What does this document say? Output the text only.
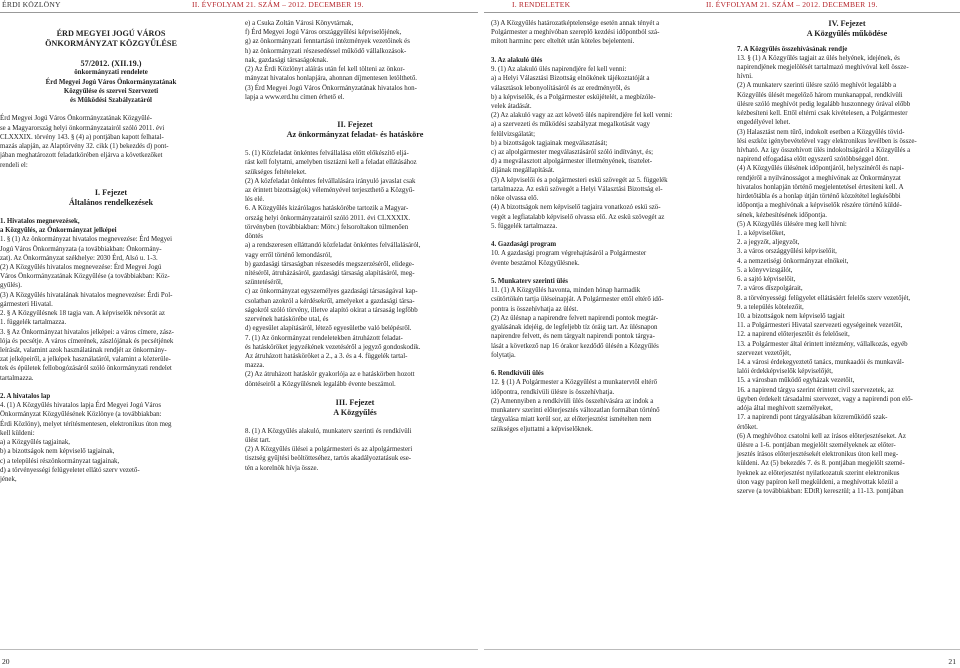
ÉRDI KÖZLÖNY	II. ÉVFOLYAM 21. SZÁM – 2012. DECEMBER 19.	I. RENDELETEK	II. ÉVFOLYAM 21. SZÁM – 2012. DECEMBER 19.

ÉRD MEGYEI JOGÚ VÁROS

ÖNKORMÁNYZAT KÖZGYŰLÉSE

57/2012. (XII.19.)

önkormányzati rendelete

Érd Megyei Jogú Város Önkormányzatának

Közgyűlése és szervei Szervezeti

és Működési Szabályzatáról

Érd Megyei Jogú Város Önkormányzatának Közgyűlé-

se a Magyarország helyi önkormányzatairól szóló 2011. évi

CLXXXIX. törvény 143. § (4) a) pontjában kapott felhatal-

mazás alapján, az Alaptörvény 32. cikk (1) bekezdés d) pont-

jában meghatározott feladatkörében eljárva a következőket

rendeli el:

I. Fejezet

Általános rendelkezések

1. Hivatalos megnevezések,

a Közgyűlés, az Önkormányzat jelképei

1. § (1) Az önkormányzat hivatalos megnevezése: Érd Megyei

Jogú Város Önkormányzata (a továbbiakban: Önkormány-

zat). Az Önkormányzat székhelye: 2030 Érd, Alsó u. 1-3.

(2) A Közgyűlés hivatalos megnevezése: Érd Megyei Jogú

Város Önkormányzatának Közgyűlése (a továbbiakban: Köz-

gyűlés).

(3) A Közgyűlés hivatalának hivatalos megnevezése: Érdi Pol-

gármesteri Hivatal.

2. § A Közgyűlésnek 18 tagja van. A képviselők névsorát az

1. függelék tartalmazza.

3. § Az Önkormányzat hivatalos jelképei: a város címere, zász-

lója és pecsétje. A város címerének, zászlójának és pecsétjének

leírását, valamint azok használatának rendjét az önkormány-

zat jelképeiről, a jelképek használatáról, valamint a közterüle-

tek és épületek fellobogózásáról szóló önkormányzati rendelet

tartalmazza.

2. A hivatalos lap

4. (1) A Közgyűlés hivatalos lapja Érd Megyei Jogú Város

Önkormányzat Közgyűlésének Közlönye (a továbbiakban:

Érdi Közlöny), melyet térítésmentesen, elektronikus úton meg

kell küldeni:

a) a Közgyűlés tagjainak,

b) a bizottságok nem képviselő tagjainak,

c) a települési részönkormányzat tagjainak,

d) a törvényességi felügyeletet ellátó szerv vezető-

jének,

e) a Csuka Zoltán Városi Könyvtárnak,

f) Érd Megyei Jogú Város országgyűlési képviselőjének,

g) az önkormányzati fenntartású intézmények vezetőinek és

h) az önkormányzati részesedéssel működő vállalkozások-

nak, gazdasági társaságoknak.

(2) Az Érdi Közlönyt aláírás után fel kell tölteni az önkor-

mányzat hivatalos honlapjára, ahonnan díjmentesen letölthető.

(3) Érd Megyei Jogú Város Önkormányzatának hivatalos hon-

lapja a www.erd.hu címen érhető el.

II. Fejezet

Az önkormányzat feladat- és hatásköre

5. (1) Közfeladat önkéntes felvállalása előtt előkészítő eljá-

rást kell folytatni, amelyben tisztázni kell a feladat ellátásához

szükséges feltételeket.

(2) A közfeladat önkéntes felvállalására irányuló javaslat csak

az érintett bizottság(ok) véleményével terjeszthető a Közgyű-

lés elé.

6. A Közgyűlés kizárólagos hatáskörébe tartozik a Magyar-

ország helyi önkormányzatairól szóló 2011. évi CLXXXIX.

törvényben (továbbiakban: Mötv.) felsoroltakon túlmenően

döntés

a) a rendszeresen elláttandó közfeladat önkéntes felvállalásáról,

vagy erről történő lemondásról,

b) gazdasági társaságban részesedés megszerzéséről, elidege-

nítéséről, átruházásáról, gazdasági társaság alapításáról, meg-

szüntetéséről,

c) az önkormányzat egyszemélyes gazdasági társaságával kap-

csolatban azokról a kérdésekről, amelyeket a gazdasági társa-

ságokról szóló törvény, illetve alapító okirat a társaság legfőbb

szervének hatáskörébe utal, és

d) egyesület alapításáról, létező egyesületbe való belépésről.

7. (1) Az önkormányzat rendeletekben átruházott feladat-

és hatásköröket jegyzékének vezetéséről a jegyző gondoskodik.

Az átruházott hatásköröket a 2., a 3. és a 4. függelék tartal-

mazza.

(2) Az átruházott hatáskör gyakorlója az e hatáskörben hozott

döntéseiről a Közgyűlésnek legalább évente beszámol.

III. Fejezet

A Közgyűlés

8. (1) A Közgyűlés alakuló, munkaterv szerinti és rendkívüli

ülést tart.

(2) A Közgyűlés ülései a polgármesteri és az alpolgármesteri

tisztség gyűjtési beöltötteséhez, tartós akadályoztatásuk ese-

tén a korelnök hívja össze.

(3) A Közgyűlés határozatképtelensége esetén annak tényét a

Polgármester a meghívóban szereplő kezdési időpontból szá-

mított harminc perc elteltét után köteles bejelenteni.

3. Az alakuló ülés

9. (1) Az alakuló ülés napirendjére fel kell venni:

a) a Helyi Választási Bizottság elnökének tájékoztatóját a

választások lebonyolításáról és az eredményről, és

b) a képviselők, és a Polgármester esküjételét, a megbízóle-

velek átadását.

(2) Az alakuló vagy az azt követő ülés napirendjére fel kell venni:

a) a szervezeti és működési szabályzat megalkotását vagy

felülvizsgálatát;

b) a bizottságok tagjainak megválasztását;

c) az alpolgármester megválasztásáról szóló indítványt, és;

d) a megválasztott alpolgármester illetményének, tisztelet-

díjának megállapítását.

(3) A képviselői és a polgármesteri eskü szövegét az 5. függelék

tartalmazza. Az eskü szövegét a Helyi Választási Bizottság el-

nöke olvassa elő.

(4) A bizottságok nem képviselő tagjaira vonatkozó eskü szö-

vegét a legfiatalabb képviselő olvassa elő. Az eskü szövegét az

5. függelék tartalmazza.

4. Gazdasági program

10. A gazdasági program végrehajtásáról a Polgármester

évente beszámol Közgyűlésnek.

5. Munkaterv szerinti ülés

11. (1) A Közgyűlés havonta, minden hónap harmadik

csütörtökén tartja üléseinapját. A Polgármester ettől eltérő idő-

pontra is összehívhatja az ülést.

(2) Az ülésnap a napirendre felvett napirendi pontok megtár-

gyalásának idejéig, de legfeljebb tíz óráig tart. Az ülésnapon

napirendre felvett, és nem tárgyalt napirendi pontok tárgya-

lását a következő nap 16 órakor kezdődő ülésén a Közgyűlés

folytatja.

6. Rendkívüli ülés

12. § (1) A Polgármester a Közgyűlést a munkatervtől eltérő

időpontra, rendkívüli ülésre is összehívhatja.

(2) Amennyiben a rendkívüli ülés összehívására az indok a

munkaterv szerinti előterjesztés változatlan formában történő

tárgyalása miatt kerül sor, az előterjesztést ismételten nem

szükséges eljuttatni a képviselőknek.

IV. Fejezet

A Közgyűlés működése

7. A Közgyűlés összehívásának rendje

13. § (1) A Közgyűlés tagjait az ülés helyének, idejének, és

napirendjének megjelölését tartalmazó meghívóval kell össze-

hívni.

(2) A munkaterv szerinti ülésre szóló meghívót legalább a

Közgyűlés ülését megelőző három munkanappal, rendkívüli

ülésre szóló meghívót pedig legalább huszonnegy órával előbb

kézbesíteni kell. Ettől eltérni csak kivételesen, a Polgármester

engedélyével lehet.

(3) Halasztást nem tűrő, indokolt esetben a Közgyűlés tövid-

lési eszköz igénybevételével vagy elektronikus levélben is össze-

hívható. Az így összehívott ülés indokoltságáról a Közgyűlés a

napirend elfogadása előtt egyszerű szótöbbséggel dönt.

(4) A Közgyűlés ülésének időpontjáról, helyszínéről és napi-

rendjéről a nyilvánosságot a meghívónak az Önkormányzat

hivatalos honlapján történő megjelentetésel értesíteni kell. A

hirdetőtábla és a honlap útján történő közzététel legkésőbbi

időpontja a meghívónak a képviselők részére történő küldé-

sének, kézbesítésének időpontja.

(5) A Közgyűlés ülésére meg kell hívni:

1. a képviselőket,

2. a jegyzőt, aljegyzőt,

3. a város országgyűlési képviselőit,

4. a nemzetiségi önkormányzat elnökeit,

5. a könyvvizsgálót,

6. a sajtó képviselőit,

7. a város díszpolgárait,

8. a törvényességi felügyelet ellátásáért felelős szerv vezetőjét,

9. a település kötelezőit,

10. a bizottságok nem képviselő tagjait

11. a Polgármesteri Hivatal szervezeti egységeinek vezetőit,

12. a napirend előterjesztőit és felelőseit,

13. a Polgármester által érintett intézmény, vállalkozás, egyéb

szervezet vezetőjét,

14. a városi érdekegyeztető tanács, munkaadói és munkavál-

lalói érdekképviselők képviselőjét,

15. a városban működő egyházak vezetőit,

16. a napirend tárgya szerint érintett civil szervezetek, az

ügyben érdekelt társadalmi szervezet, vagy a napirendi pon elő-

adója által meghívott személyeket,

17. a napirendi pont tárgyalásában közreműködő szak-

értőket.

(6) A meghívóhoz csatolni kell az írásos előterjesztéseket. Az

ülésre a 1-6. pontjában megjelölt személyeknek az előter-

jesztés írásos előterjesztésekét elektronikus úton kell meg-

küldeni. Az (5) bekezdés 7. és 8. pontjában megjelölt szemé-

lyeknek az előterjesztést nyilatkozatuk szerint elektronikus

úton vagy papíron kell megküldeni, a meghívottak közül a

szerve (a továbbiakban: EDtR) keresztül; a 11-13. pontjában

20	21
